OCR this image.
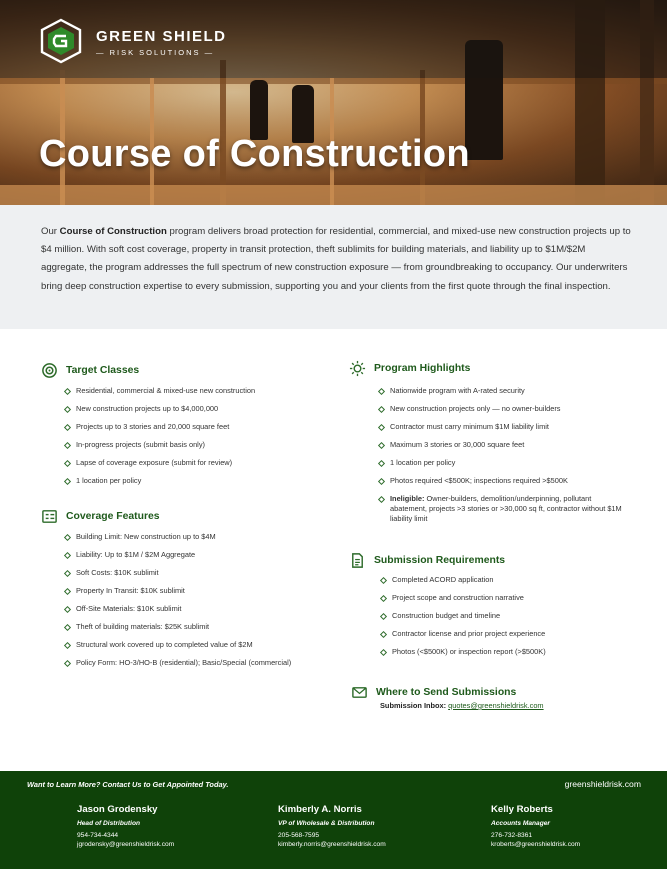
GREEN SHIELD
— RISK SOLUTIONS —
Course of Construction

Our Course of Construction program delivers broad protection for residential, commercial, and mixed-use new construction projects up to $4 million. With soft cost coverage, property in transit protection, theft sublimits for building materials, and liability up to $1M/$2M aggregate, the program addresses the full spectrum of new construction exposure — from groundbreaking to occupancy. Our underwriters bring deep construction expertise to every submission, supporting you and your clients from the first quote through the final inspection.

Target Classes
Residential, commercial & mixed-use new construction
New construction projects up to $4,000,000
Projects up to 3 stories and 20,000 square feet
In-progress projects (submit basis only)
Lapse of coverage exposure (submit for review)
1 location per policy
Coverage Features
Building Limit: New construction up to $4M
Liability: Up to $1M / $2M Aggregate
Soft Costs: $10K sublimit
Property In Transit: $10K sublimit
Off-Site Materials: $10K sublimit
Theft of building materials: $25K sublimit
Structural work covered up to completed value of $2M
Policy Form: HO-3/HO-B (residential); Basic/Special (commercial)
Program Highlights
Nationwide program with A-rated security
New construction projects only — no owner-builders
Contractor must carry minimum $1M liability limit
Maximum 3 stories or 30,000 square feet
1 location per policy
Photos required <$500K; inspections required >$500K
Ineligible: Owner-builders, demolition/underpinning, pollutant abatement, projects >3 stories or >30,000 sq ft, contractor without $1M liability limit
Submission Requirements
Completed ACORD application
Project scope and construction narrative
Construction budget and timeline
Contractor license and prior project experience
Photos (<$500K) or inspection report (>$500K)
Where to Send Submissions
Submission Inbox: quotes@greenshieldrisk.com
Want to Learn More? Contact Us to Get Appointed Today.	greenshieldrisk.com
Jason Grodensky
Head of Distribution
954-734-4344
jgrodensky@greenshieldrisk.com
Kimberly A. Norris
VP of Wholesale & Distribution
205-568-7595
kimberly.norris@greenshieldrisk.com
Kelly Roberts
Accounts Manager
276-732-8361
kroberts@greenshieldrisk.com
